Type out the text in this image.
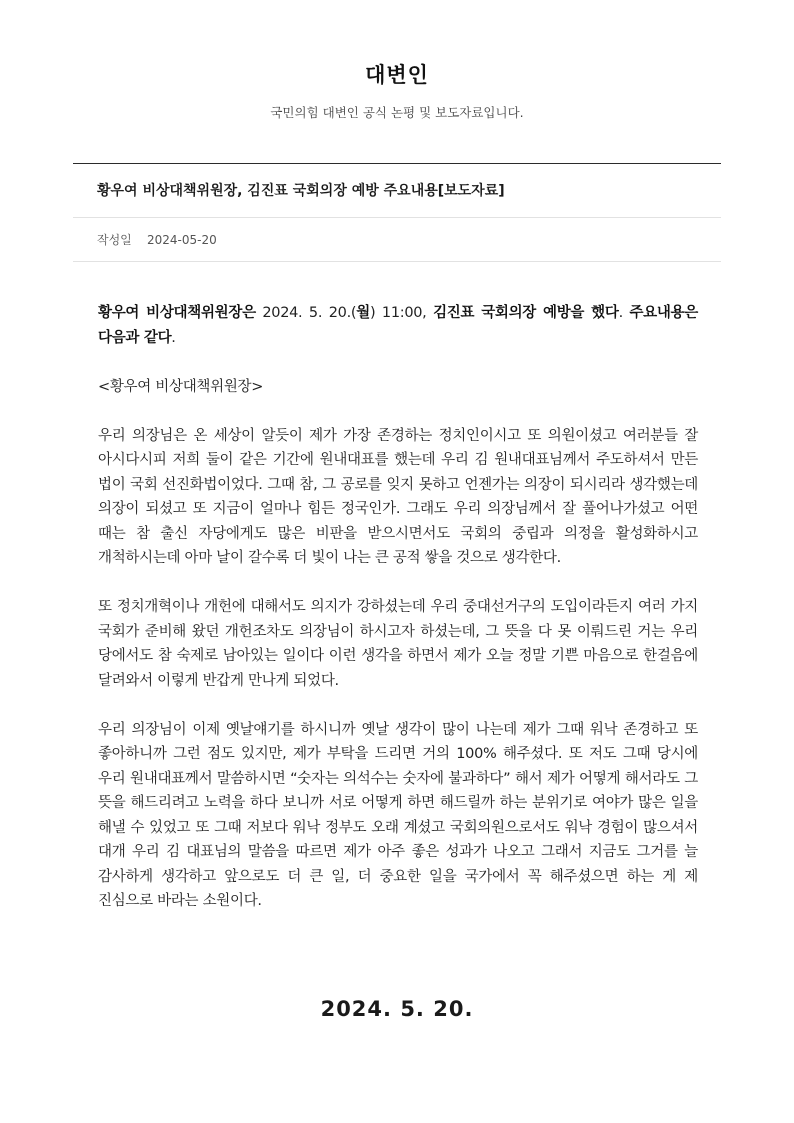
대변인
국민의힘 대변인 공식 논평 및 보도자료입니다.
황우여 비상대책위원장, 김진표 국회의장 예방 주요내용[보도자료]
작성일 2024-05-20

황우여 비상대책위원장은 2024. 5. 20.(월) 11:00, 김진표 국회의장 예방을 했다. 주요내용은 다음과 같다.

<황우여 비상대책위원장>

우리 의장님은 온 세상이 알듯이 제가 가장 존경하는 정치인이시고 또 의원이셨고 여러분들 잘 아시다시피 저희 둘이 같은 기간에 원내대표를 했는데 우리 김 원내대표님께서 주도하셔서 만든 법이 국회 선진화법이었다. 그때 참, 그 공로를 잊지 못하고 언젠가는 의장이 되시리라 생각했는데 의장이 되셨고 또 지금이 얼마나 힘든 정국인가. 그래도 우리 의장님께서 잘 풀어나가셨고 어떤 때는 참 출신 자당에게도 많은 비판을 받으시면서도 국회의 중립과 의정을 활성화하시고 개척하시는데 아마 날이 갈수록 더 빛이 나는 큰 공적 쌓을 것으로 생각한다.

또 정치개혁이나 개헌에 대해서도 의지가 강하셨는데 우리 중대선거구의 도입이라든지 여러 가지 국회가 준비해 왔던 개헌조차도 의장님이 하시고자 하셨는데, 그 뜻을 다 못 이뤄드린 거는 우리 당에서도 참 숙제로 남아있는 일이다 이런 생각을 하면서 제가 오늘 정말 기쁜 마음으로 한걸음에 달려와서 이렇게 반갑게 만나게 되었다.

우리 의장님이 이제 옛날얘기를 하시니까 옛날 생각이 많이 나는데 제가 그때 워낙 존경하고 또 좋아하니까 그런 점도 있지만, 제가 부탁을 드리면 거의 100% 해주셨다. 또 저도 그때 당시에 우리 원내대표께서 말씀하시면 “숫자는 의석수는 숫자에 불과하다” 해서 제가 어떻게 해서라도 그 뜻을 해드리려고 노력을 하다 보니까 서로 어떻게 하면 해드릴까 하는 분위기로 여야가 많은 일을 해낼 수 있었고 또 그때 저보다 워낙 정부도 오래 계셨고 국회의원으로서도 워낙 경험이 많으셔서 대개 우리 김 대표님의 말씀을 따르면 제가 아주 좋은 성과가 나오고 그래서 지금도 그거를 늘 감사하게 생각하고 앞으로도 더 큰 일, 더 중요한 일을 국가에서 꼭 해주셨으면 하는 게 제 진심으로 바라는 소원이다.

2024. 5. 20.
